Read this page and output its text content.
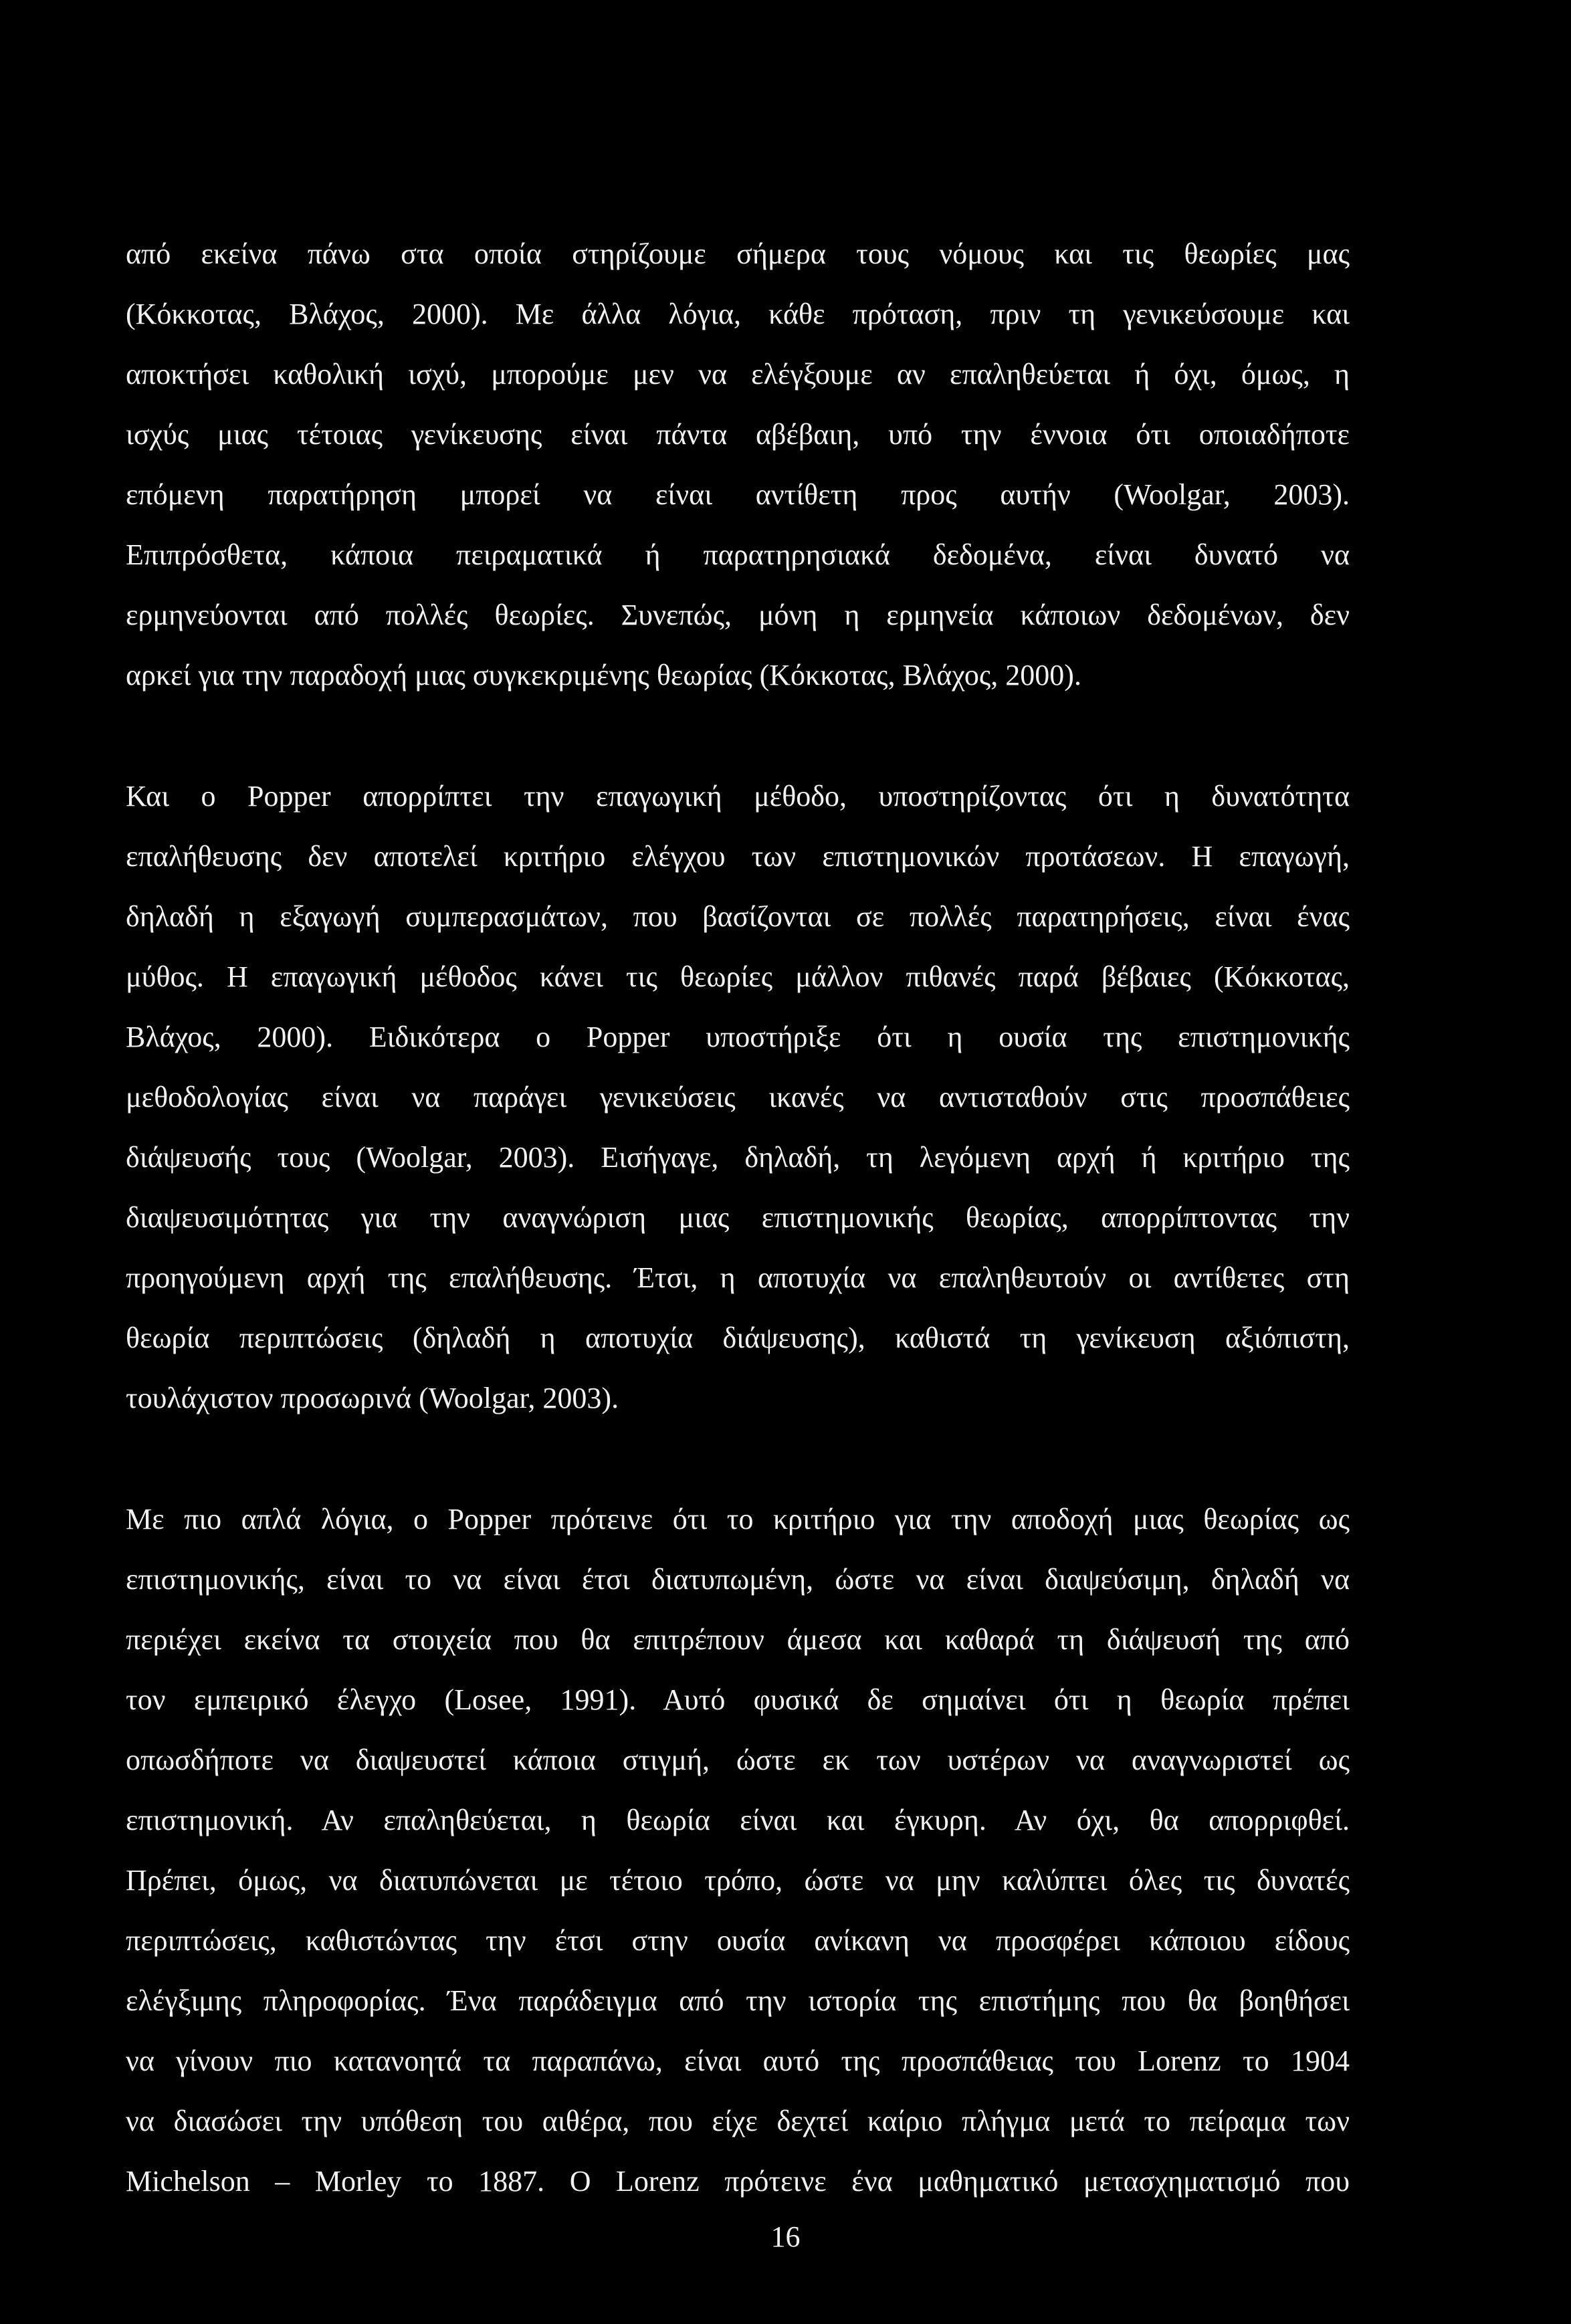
από εκείνα πάνω στα οποία στηρίζουμε σήμερα τους νόμους και τις θεωρίες μας
(Κόκκοτας, Βλάχος, 2000). Με άλλα λόγια, κάθε πρόταση, πριν τη γενικεύσουμε και
αποκτήσει καθολική ισχύ, μπορούμε μεν να ελέγξουμε αν επαληθεύεται ή όχι, όμως, η
ισχύς μιας τέτοιας γενίκευσης είναι πάντα αβέβαιη, υπό την έννοια ότι οποιαδήποτε
επόμενη παρατήρηση μπορεί να είναι αντίθετη προς αυτήν (Woolgar, 2003).
Επιπρόσθετα, κάποια πειραματικά ή παρατηρησιακά δεδομένα, είναι δυνατό να
ερμηνεύονται από πολλές θεωρίες. Συνεπώς, μόνη η ερμηνεία κάποιων δεδομένων, δεν
αρκεί για την παραδοχή μιας συγκεκριμένης θεωρίας (Κόκκοτας, Βλάχος, 2000).
Και ο Popper απορρίπτει την επαγωγική μέθοδο, υποστηρίζοντας ότι η δυνατότητα
επαλήθευσης δεν αποτελεί κριτήριο ελέγχου των επιστημονικών προτάσεων. Η επαγωγή,
δηλαδή η εξαγωγή συμπερασμάτων, που βασίζονται σε πολλές παρατηρήσεις, είναι ένας
μύθος. Η επαγωγική μέθοδος κάνει τις θεωρίες μάλλον πιθανές παρά βέβαιες (Κόκκοτας,
Βλάχος, 2000). Ειδικότερα ο Popper υποστήριξε ότι η ουσία της επιστημονικής
μεθοδολογίας είναι να παράγει γενικεύσεις ικανές να αντισταθούν στις προσπάθειες
διάψευσής τους (Woolgar, 2003). Εισήγαγε, δηλαδή, τη λεγόμενη αρχή ή κριτήριο της
διαψευσιμότητας για την αναγνώριση μιας επιστημονικής θεωρίας, απορρίπτοντας την
προηγούμενη αρχή της επαλήθευσης. Έτσι, η αποτυχία να επαληθευτούν οι αντίθετες στη
θεωρία περιπτώσεις (δηλαδή η αποτυχία διάψευσης), καθιστά τη γενίκευση αξιόπιστη,
τουλάχιστον προσωρινά (Woolgar, 2003).
Με πιο απλά λόγια, ο Popper πρότεινε ότι το κριτήριο για την αποδοχή μιας θεωρίας ως
επιστημονικής, είναι το να είναι έτσι διατυπωμένη, ώστε να είναι διαψεύσιμη, δηλαδή να
περιέχει εκείνα τα στοιχεία που θα επιτρέπουν άμεσα και καθαρά τη διάψευσή της από
τον εμπειρικό έλεγχο (Losee, 1991). Αυτό φυσικά δε σημαίνει ότι η θεωρία πρέπει
οπωσδήποτε να διαψευστεί κάποια στιγμή, ώστε εκ των υστέρων να αναγνωριστεί ως
επιστημονική. Αν επαληθεύεται, η θεωρία είναι και έγκυρη. Αν όχι, θα απορριφθεί.
Πρέπει, όμως, να διατυπώνεται με τέτοιο τρόπο, ώστε να μην καλύπτει όλες τις δυνατές
περιπτώσεις, καθιστώντας την έτσι στην ουσία ανίκανη να προσφέρει κάποιου είδους
ελέγξιμης πληροφορίας. Ένα παράδειγμα από την ιστορία της επιστήμης που θα βοηθήσει
να γίνουν πιο κατανοητά τα παραπάνω, είναι αυτό της προσπάθειας του Lorenz το 1904
να διασώσει την υπόθεση του αιθέρα, που είχε δεχτεί καίριο πλήγμα μετά το πείραμα των
Michelson – Morley το 1887. Ο Lorenz πρότεινε ένα μαθηματικό μετασχηματισμό που
16
